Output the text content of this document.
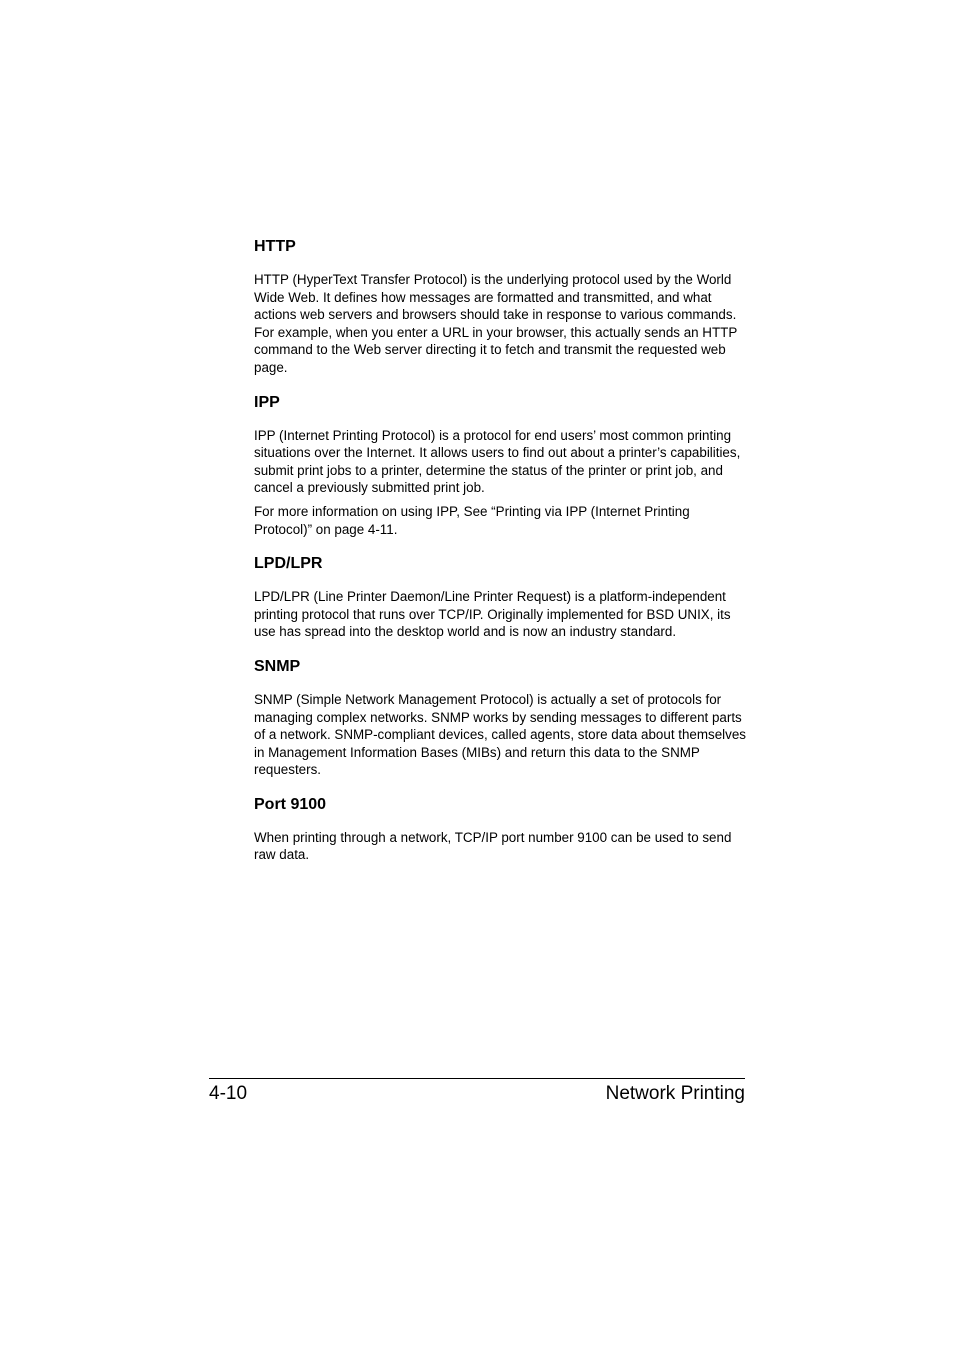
HTTP
HTTP (HyperText Transfer Protocol) is the underlying protocol used by the World Wide Web. It defines how messages are formatted and transmitted, and what actions web servers and browsers should take in response to various commands. For example, when you enter a URL in your browser, this actually sends an HTTP command to the Web server directing it to fetch and transmit the requested web page.
IPP
IPP (Internet Printing Protocol) is a protocol for end users’ most common printing situations over the Internet. It allows users to find out about a printer’s capabilities, submit print jobs to a printer, determine the status of the printer or print job, and cancel a previously submitted print job.
For more information on using IPP, See “Printing via IPP (Internet Printing Protocol)” on page 4-11.
LPD/LPR
LPD/LPR (Line Printer Daemon/Line Printer Request) is a platform-independent printing protocol that runs over TCP/IP. Originally implemented for BSD UNIX, its use has spread into the desktop world and is now an industry standard.
SNMP
SNMP (Simple Network Management Protocol) is actually a set of protocols for managing complex networks. SNMP works by sending messages to different parts of a network. SNMP-compliant devices, called agents, store data about themselves in Management Information Bases (MIBs) and return this data to the SNMP requesters.
Port 9100
When printing through a network, TCP/IP port number 9100 can be used to send raw data.
4-10	Network Printing
